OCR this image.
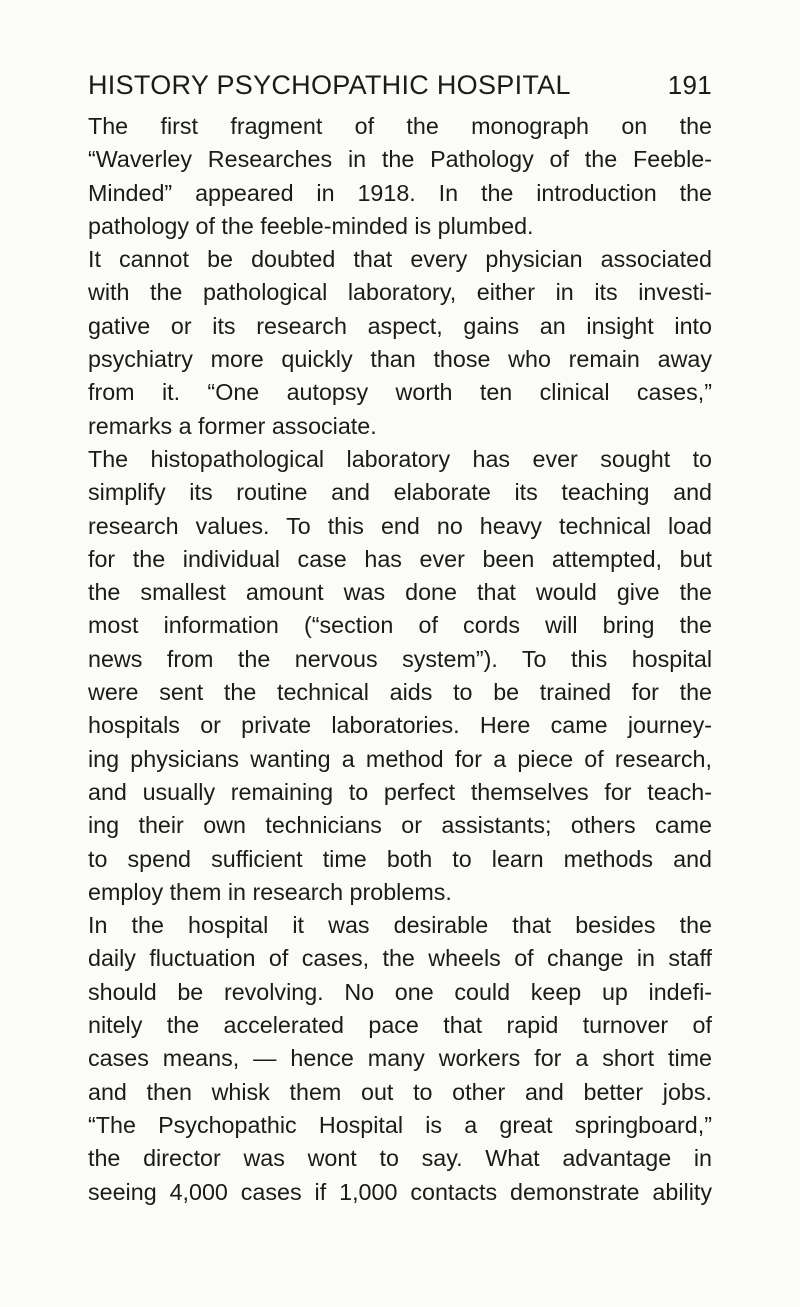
HISTORY PSYCHOPATHIC HOSPITAL	191
The first fragment of the monograph on the
“Waverley Researches in the Pathology of the Feeble-
Minded” appeared in 1918. In the introduction the
pathology of the feeble-minded is plumbed.
It cannot be doubted that every physician associated
with the pathological laboratory, either in its investi-
gative or its research aspect, gains an insight into
psychiatry more quickly than those who remain away
from it. “One autopsy worth ten clinical cases,”
remarks a former associate.
The histopathological laboratory has ever sought to
simplify its routine and elaborate its teaching and
research values. To this end no heavy technical load
for the individual case has ever been attempted, but
the smallest amount was done that would give the
most information (“section of cords will bring the
news from the nervous system”). To this hospital
were sent the technical aids to be trained for the
hospitals or private laboratories. Here came journey-
ing physicians wanting a method for a piece of research,
and usually remaining to perfect themselves for teach-
ing their own technicians or assistants; others came
to spend sufficient time both to learn methods and
employ them in research problems.
In the hospital it was desirable that besides the
daily fluctuation of cases, the wheels of change in staff
should be revolving. No one could keep up indefi-
nitely the accelerated pace that rapid turnover of
cases means, — hence many workers for a short time
and then whisk them out to other and better jobs.
“The Psychopathic Hospital is a great springboard,”
the director was wont to say. What advantage in
seeing 4,000 cases if 1,000 contacts demonstrate ability
